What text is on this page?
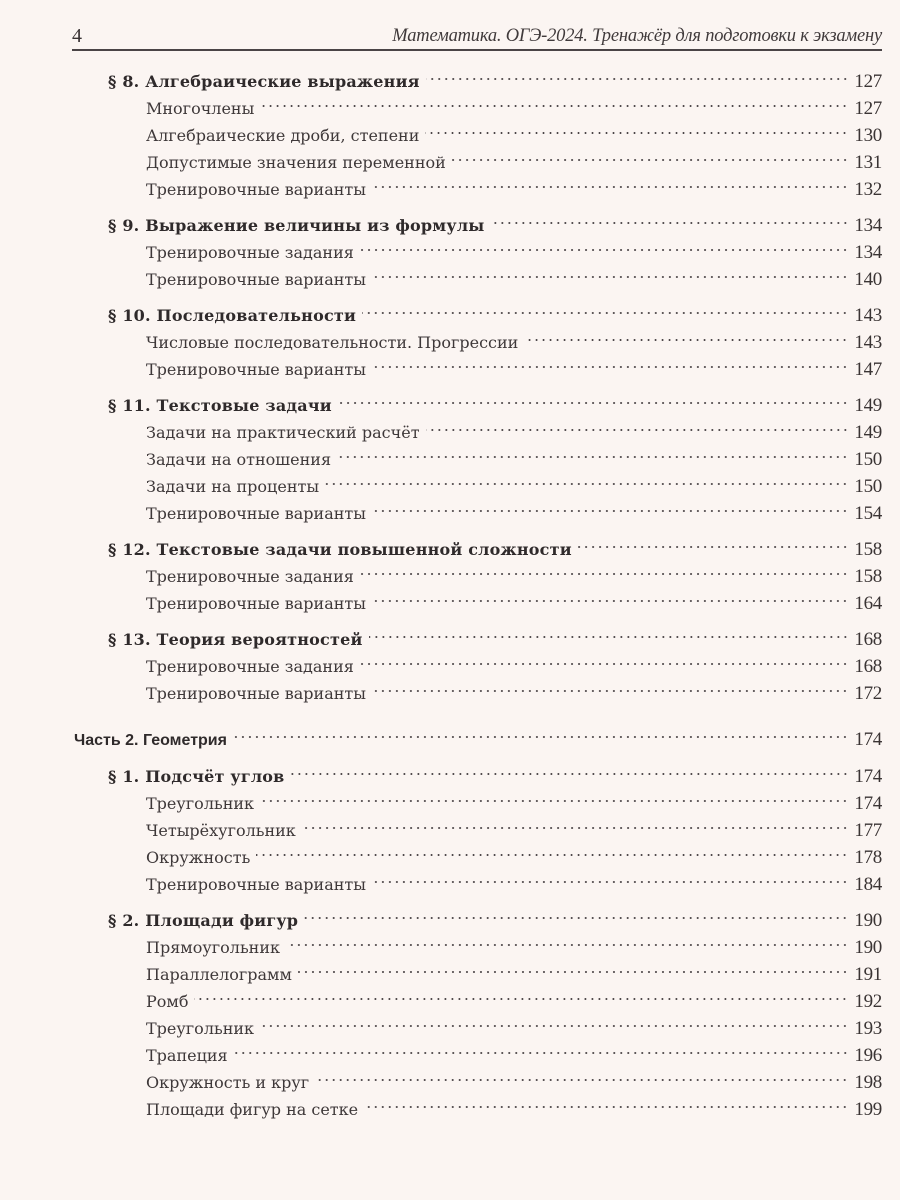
4	Математика. ОГЭ-2024. Тренажёр для подготовки к экзамену
§ 8. Алгебраические выражения	127
Многочлены	127
Алгебраические дроби, степени	130
Допустимые значения переменной	131
Тренировочные варианты	132
§ 9. Выражение величины из формулы	134
Тренировочные задания	134
Тренировочные варианты	140
§ 10. Последовательности	143
Числовые последовательности. Прогрессии	143
Тренировочные варианты	147
§ 11. Текстовые задачи	149
Задачи на практический расчёт	149
Задачи на отношения	150
Задачи на проценты	150
Тренировочные варианты	154
§ 12. Текстовые задачи повышенной сложности	158
Тренировочные задания	158
Тренировочные варианты	164
§ 13. Теория вероятностей	168
Тренировочные задания	168
Тренировочные варианты	172
Часть 2. Геометрия	174
§ 1. Подсчёт углов	174
Треугольник	174
Четырёхугольник	177
Окружность	178
Тренировочные варианты	184
§ 2. Площади фигур	190
Прямоугольник	190
Параллелограмм	191
Ромб	192
Треугольник	193
Трапеция	196
Окружность и круг	198
Площади фигур на сетке	199
